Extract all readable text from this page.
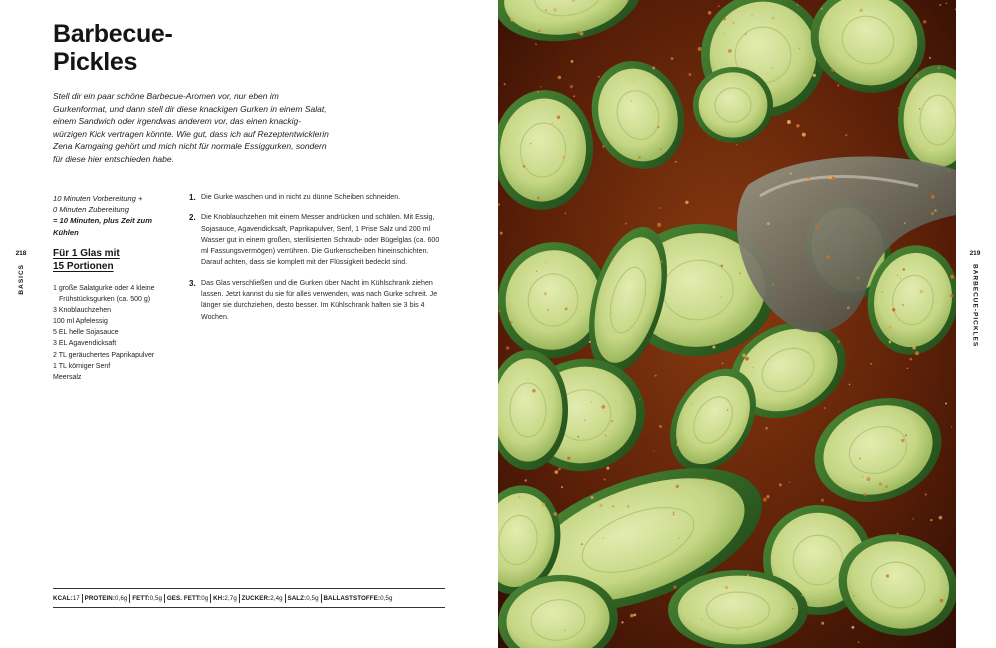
Barbecue-
Pickles

Stell dir ein paar schöne Barbecue-Aromen vor, nur eben im Gurkenformat, und dann stell dir diese knackigen Gurken in einem Salat, einem Sandwich oder irgendwas anderem vor, das einen knackig-würzigen Kick vertragen könnte. Wie gut, dass ich auf Rezeptentwicklerin Zena Kamgaing gehört und mich nicht für normale Essiggurken, sondern für diese hier entschieden habe.

10 Minuten Vorbereitung +
0 Minuten Zubereitung
= 10 Minuten, plus Zeit zum Kühlen
Für 1 Glas mit
15 Portionen
1 große Salatgurke oder 4 kleine Frühstücksgurken (ca. 500 g)
3 Knoblauchzehen
100 ml Apfelessig
5 EL helle Sojasauce
3 EL Agavendicksaft
2 TL geräuchertes Paprikapulver
1 TL körniger Senf
Meersalz
1. Die Gurke waschen und in nicht zu dünne Scheiben schneiden.
2. Die Knoblauchzehen mit einem Messer andrücken und schälen. Mit Essig, Sojasauce, Agavendicksaft, Paprikapulver, Senf, 1 Prise Salz und 200 ml Wasser gut in einem großen, sterilisierten Schraub- oder Bügelglas (ca. 600 ml Fassungsvermögen) verrühren. Die Gurkenscheiben hineinschichten. Darauf achten, dass sie komplett mit der Flüssigkeit bedeckt sind.
3. Das Glas verschließen und die Gurken über Nacht im Kühlschrank ziehen lassen. Jetzt kannst du sie für alles verwenden, was nach Gurke schreit. Je länger sie durchziehen, desto besser. Im Kühlschrank halten sie 3 bis 4 Wochen.
KCAL: 17 PROTEIN: 0,6g FETT: 0,5g GES. FETT: 0g KH: 2,7g ZUCKER: 2,4g SALZ: 0,5g BALLASTSTOFFE: 0,5g
218
BASICS
219
BARBECUE-PICKLES
